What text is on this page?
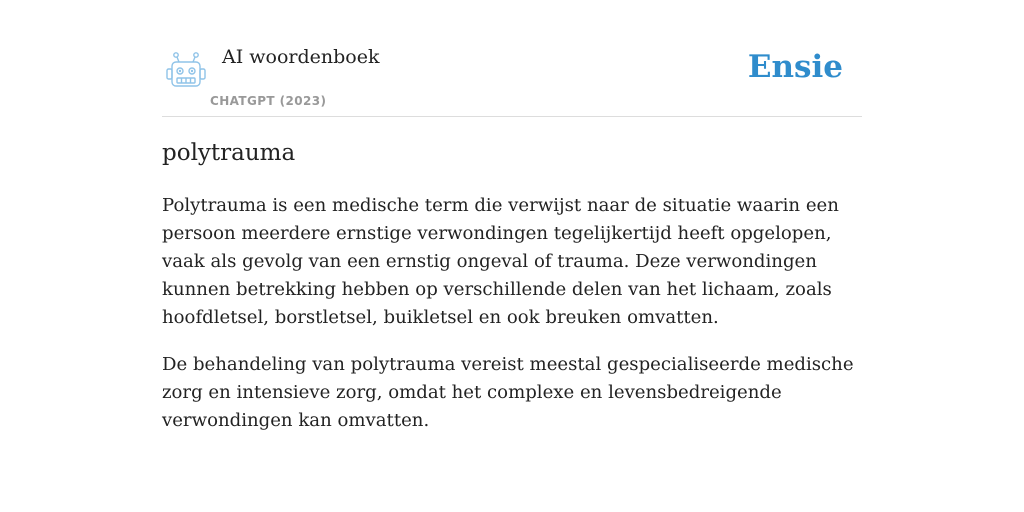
AI woordenboek
CHATGPT (2023)
Ensie
polytrauma

Polytrauma is een medische term die verwijst naar de situatie waarin een persoon meerdere ernstige verwondingen tegelijkertijd heeft opgelopen, vaak als gevolg van een ernstig ongeval of trauma. Deze verwondingen kunnen betrekking hebben op verschillende delen van het lichaam, zoals hoofdletsel, borstletsel, buikletsel en ook breuken omvatten.

De behandeling van polytrauma vereist meestal gespecialiseerde medische zorg en intensieve zorg, omdat het complexe en levensbedreigende verwondingen kan omvatten.
